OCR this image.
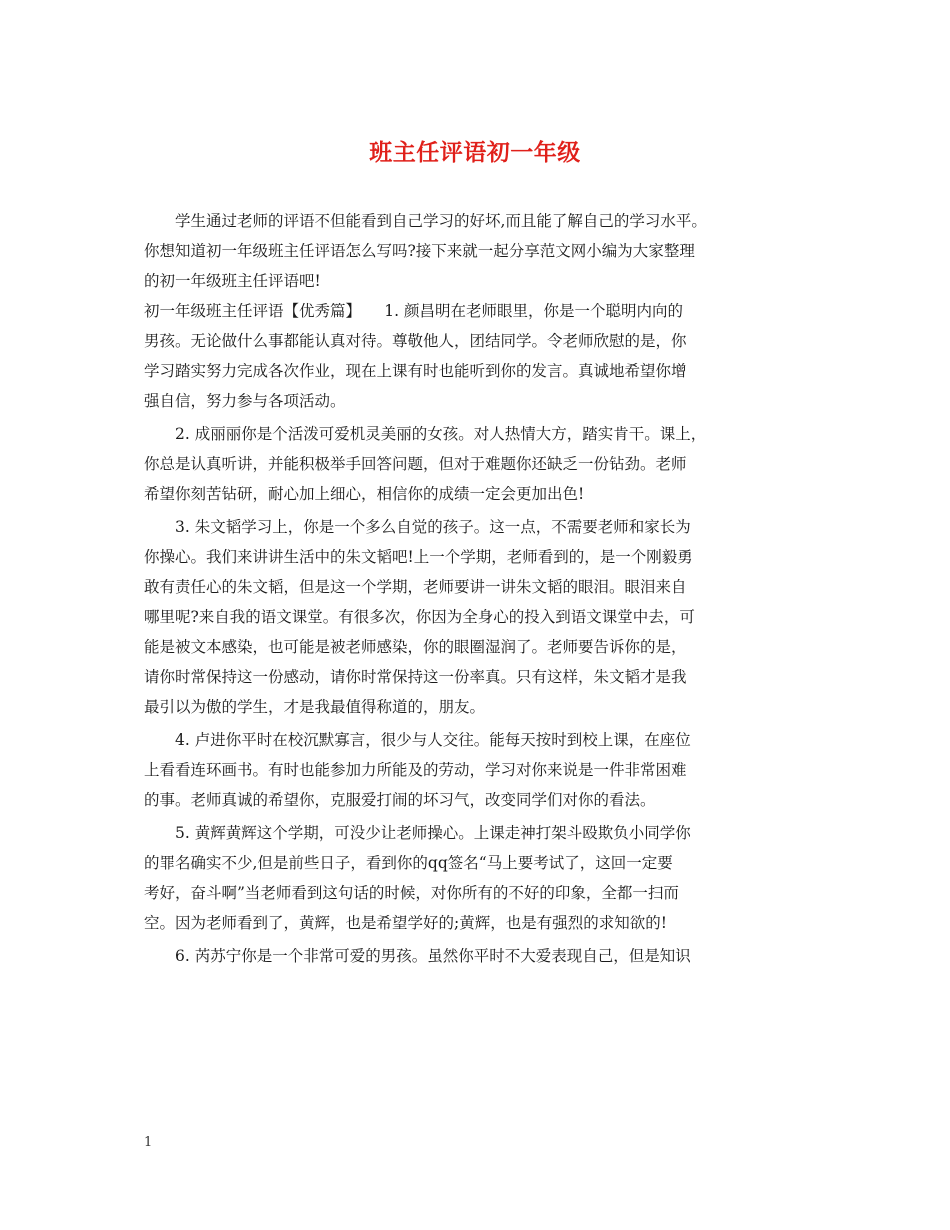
班主任评语初一年级
学生通过老师的评语不但能看到自己学习的好坏,而且能了解自己的学习水平。
你想知道初一年级班主任评语怎么写吗?接下来就一起分享范文网小编为大家整理
的初一年级班主任评语吧!
初一年级班主任评语【优秀篇】　　1. 颜昌明在老师眼里，你是一个聪明内向的
男孩。无论做什么事都能认真对待。尊敬他人，团结同学。令老师欣慰的是，你
学习踏实努力完成各次作业，现在上课有时也能听到你的发言。真诚地希望你增
强自信，努力参与各项活动。
2. 成丽丽你是个活泼可爱机灵美丽的女孩。对人热情大方，踏实肯干。课上，
你总是认真听讲，并能积极举手回答问题，但对于难题你还缺乏一份钻劲。老师
希望你刻苦钻研，耐心加上细心，相信你的成绩一定会更加出色!
3. 朱文韬学习上，你是一个多么自觉的孩子。这一点，不需要老师和家长为
你操心。我们来讲讲生活中的朱文韬吧!上一个学期，老师看到的，是一个刚毅勇
敢有责任心的朱文韬，但是这一个学期，老师要讲一讲朱文韬的眼泪。眼泪来自
哪里呢?来自我的语文课堂。有很多次，你因为全身心的投入到语文课堂中去，可
能是被文本感染，也可能是被老师感染，你的眼圈湿润了。老师要告诉你的是，
请你时常保持这一份感动，请你时常保持这一份率真。只有这样，朱文韬才是我
最引以为傲的学生，才是我最值得称道的，朋友。
4. 卢进你平时在校沉默寡言，很少与人交往。能每天按时到校上课，在座位
上看看连环画书。有时也能参加力所能及的劳动，学习对你来说是一件非常困难
的事。老师真诚的希望你，克服爱打闹的坏习气，改变同学们对你的看法。
5. 黄辉黄辉这个学期，可没少让老师操心。上课走神打架斗殴欺负小同学你
的罪名确实不少,但是前些日子，看到你的qq签名“马上要考试了，这回一定要
考好，奋斗啊”当老师看到这句话的时候，对你所有的不好的印象，全都一扫而
空。因为老师看到了，黄辉，也是希望学好的;黄辉，也是有强烈的求知欲的!
6. 芮苏宁你是一个非常可爱的男孩。虽然你平时不大爱表现自己，但是知识
1
